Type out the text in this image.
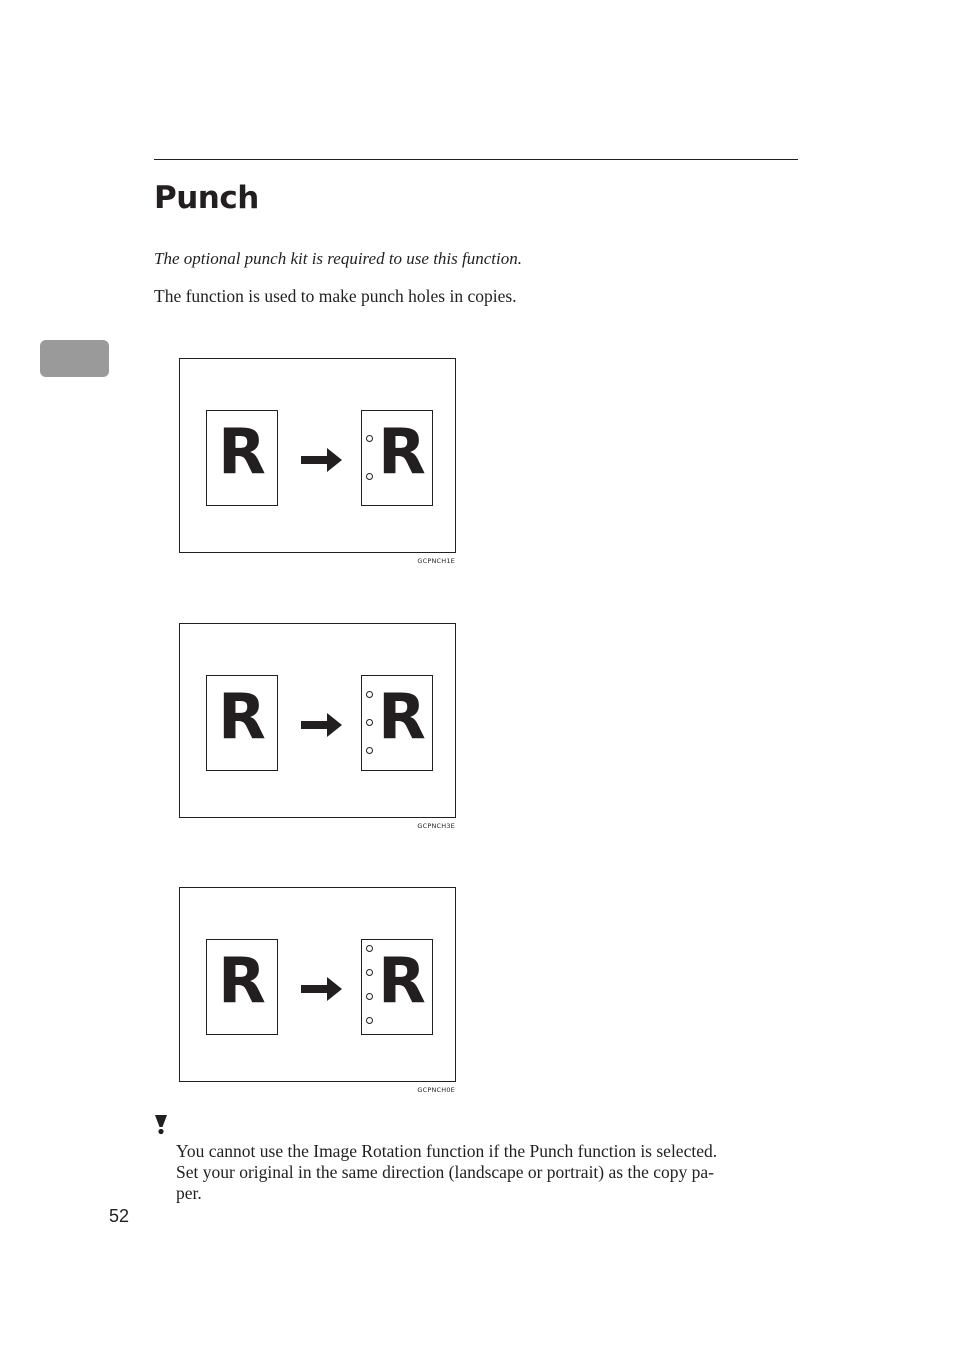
Punch
The optional punch kit is required to use this function.
The function is used to make punch holes in copies.
R R
GCPNCH1E
R R
GCPNCH3E
R R
GCPNCH0E
You cannot use the Image Rotation function if the Punch function is selected.
Set your original in the same direction (landscape or portrait) as the copy pa-
per.
52
